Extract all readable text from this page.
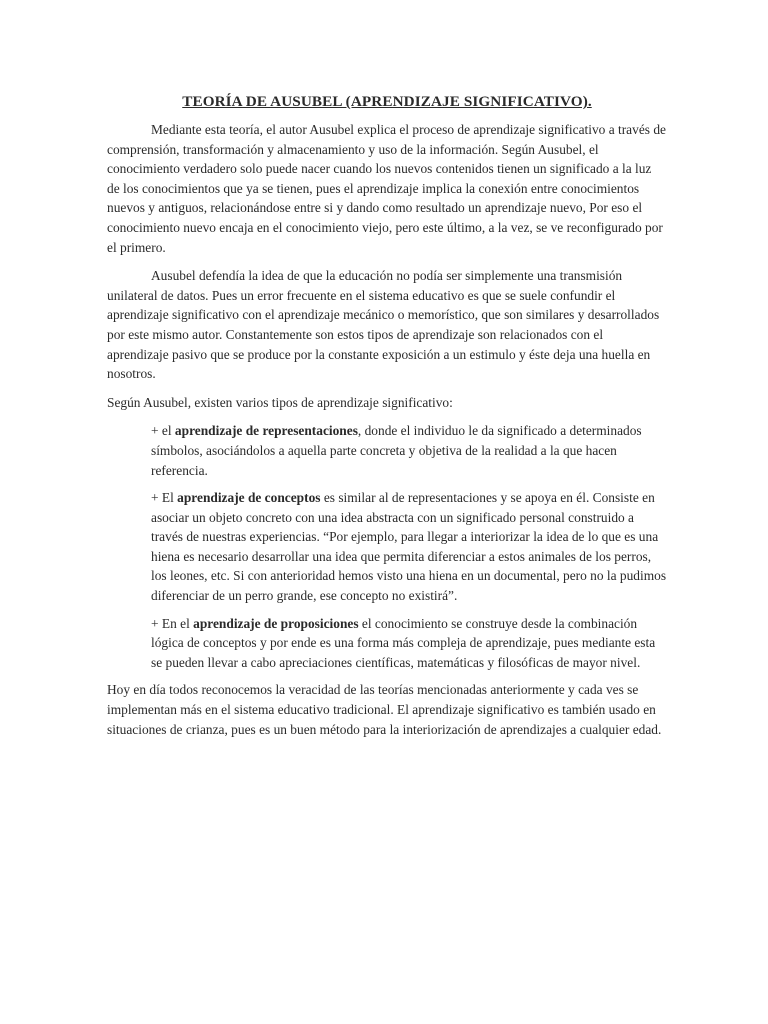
TEORÍA DE AUSUBEL (APRENDIZAJE SIGNIFICATIVO).

Mediante esta teoría, el autor Ausubel explica el proceso de aprendizaje significativo a través de comprensión, transformación y almacenamiento y uso de la información. Según Ausubel, el conocimiento verdadero solo puede nacer cuando los nuevos contenidos tienen un significado a la luz de los conocimientos que ya se tienen, pues el aprendizaje implica la conexión entre conocimientos nuevos y antiguos, relacionándose entre si y dando como resultado un aprendizaje nuevo, Por eso el conocimiento nuevo encaja en el conocimiento viejo, pero este último, a la vez, se ve reconfigurado por el primero.

Ausubel defendía la idea de que la educación no podía ser simplemente una transmisión unilateral de datos. Pues un error frecuente en el sistema educativo es que se suele confundir el aprendizaje significativo con el aprendizaje mecánico o memorístico, que son similares y desarrollados por este mismo autor. Constantemente son estos tipos de aprendizaje son relacionados con el aprendizaje pasivo que se produce por la constante exposición a un estimulo y éste deja una huella en nosotros.

Según Ausubel, existen varios tipos de aprendizaje significativo:

+ el aprendizaje de representaciones, donde el individuo le da significado a determinados símbolos, asociándolos a aquella parte concreta y objetiva de la realidad a la que hacen referencia.
+ El aprendizaje de conceptos es similar al de representaciones y se apoya en él. Consiste en asociar un objeto concreto con una idea abstracta con un significado personal construido a través de nuestras experiencias. “Por ejemplo, para llegar a interiorizar la idea de lo que es una hiena es necesario desarrollar una idea que permita diferenciar a estos animales de los perros, los leones, etc. Si con anterioridad hemos visto una hiena en un documental, pero no la pudimos diferenciar de un perro grande, ese concepto no existirá”.
+ En el aprendizaje de proposiciones el conocimiento se construye desde la combinación lógica de conceptos y por ende es una forma más compleja de aprendizaje, pues mediante esta se pueden llevar a cabo apreciaciones científicas, matemáticas y filosóficas de mayor nivel.

Hoy en día todos reconocemos la veracidad de las teorías mencionadas anteriormente y cada ves se implementan más en el sistema educativo tradicional. El aprendizaje significativo es también usado en situaciones de crianza, pues es un buen método para la interiorización de aprendizajes a cualquier edad.
